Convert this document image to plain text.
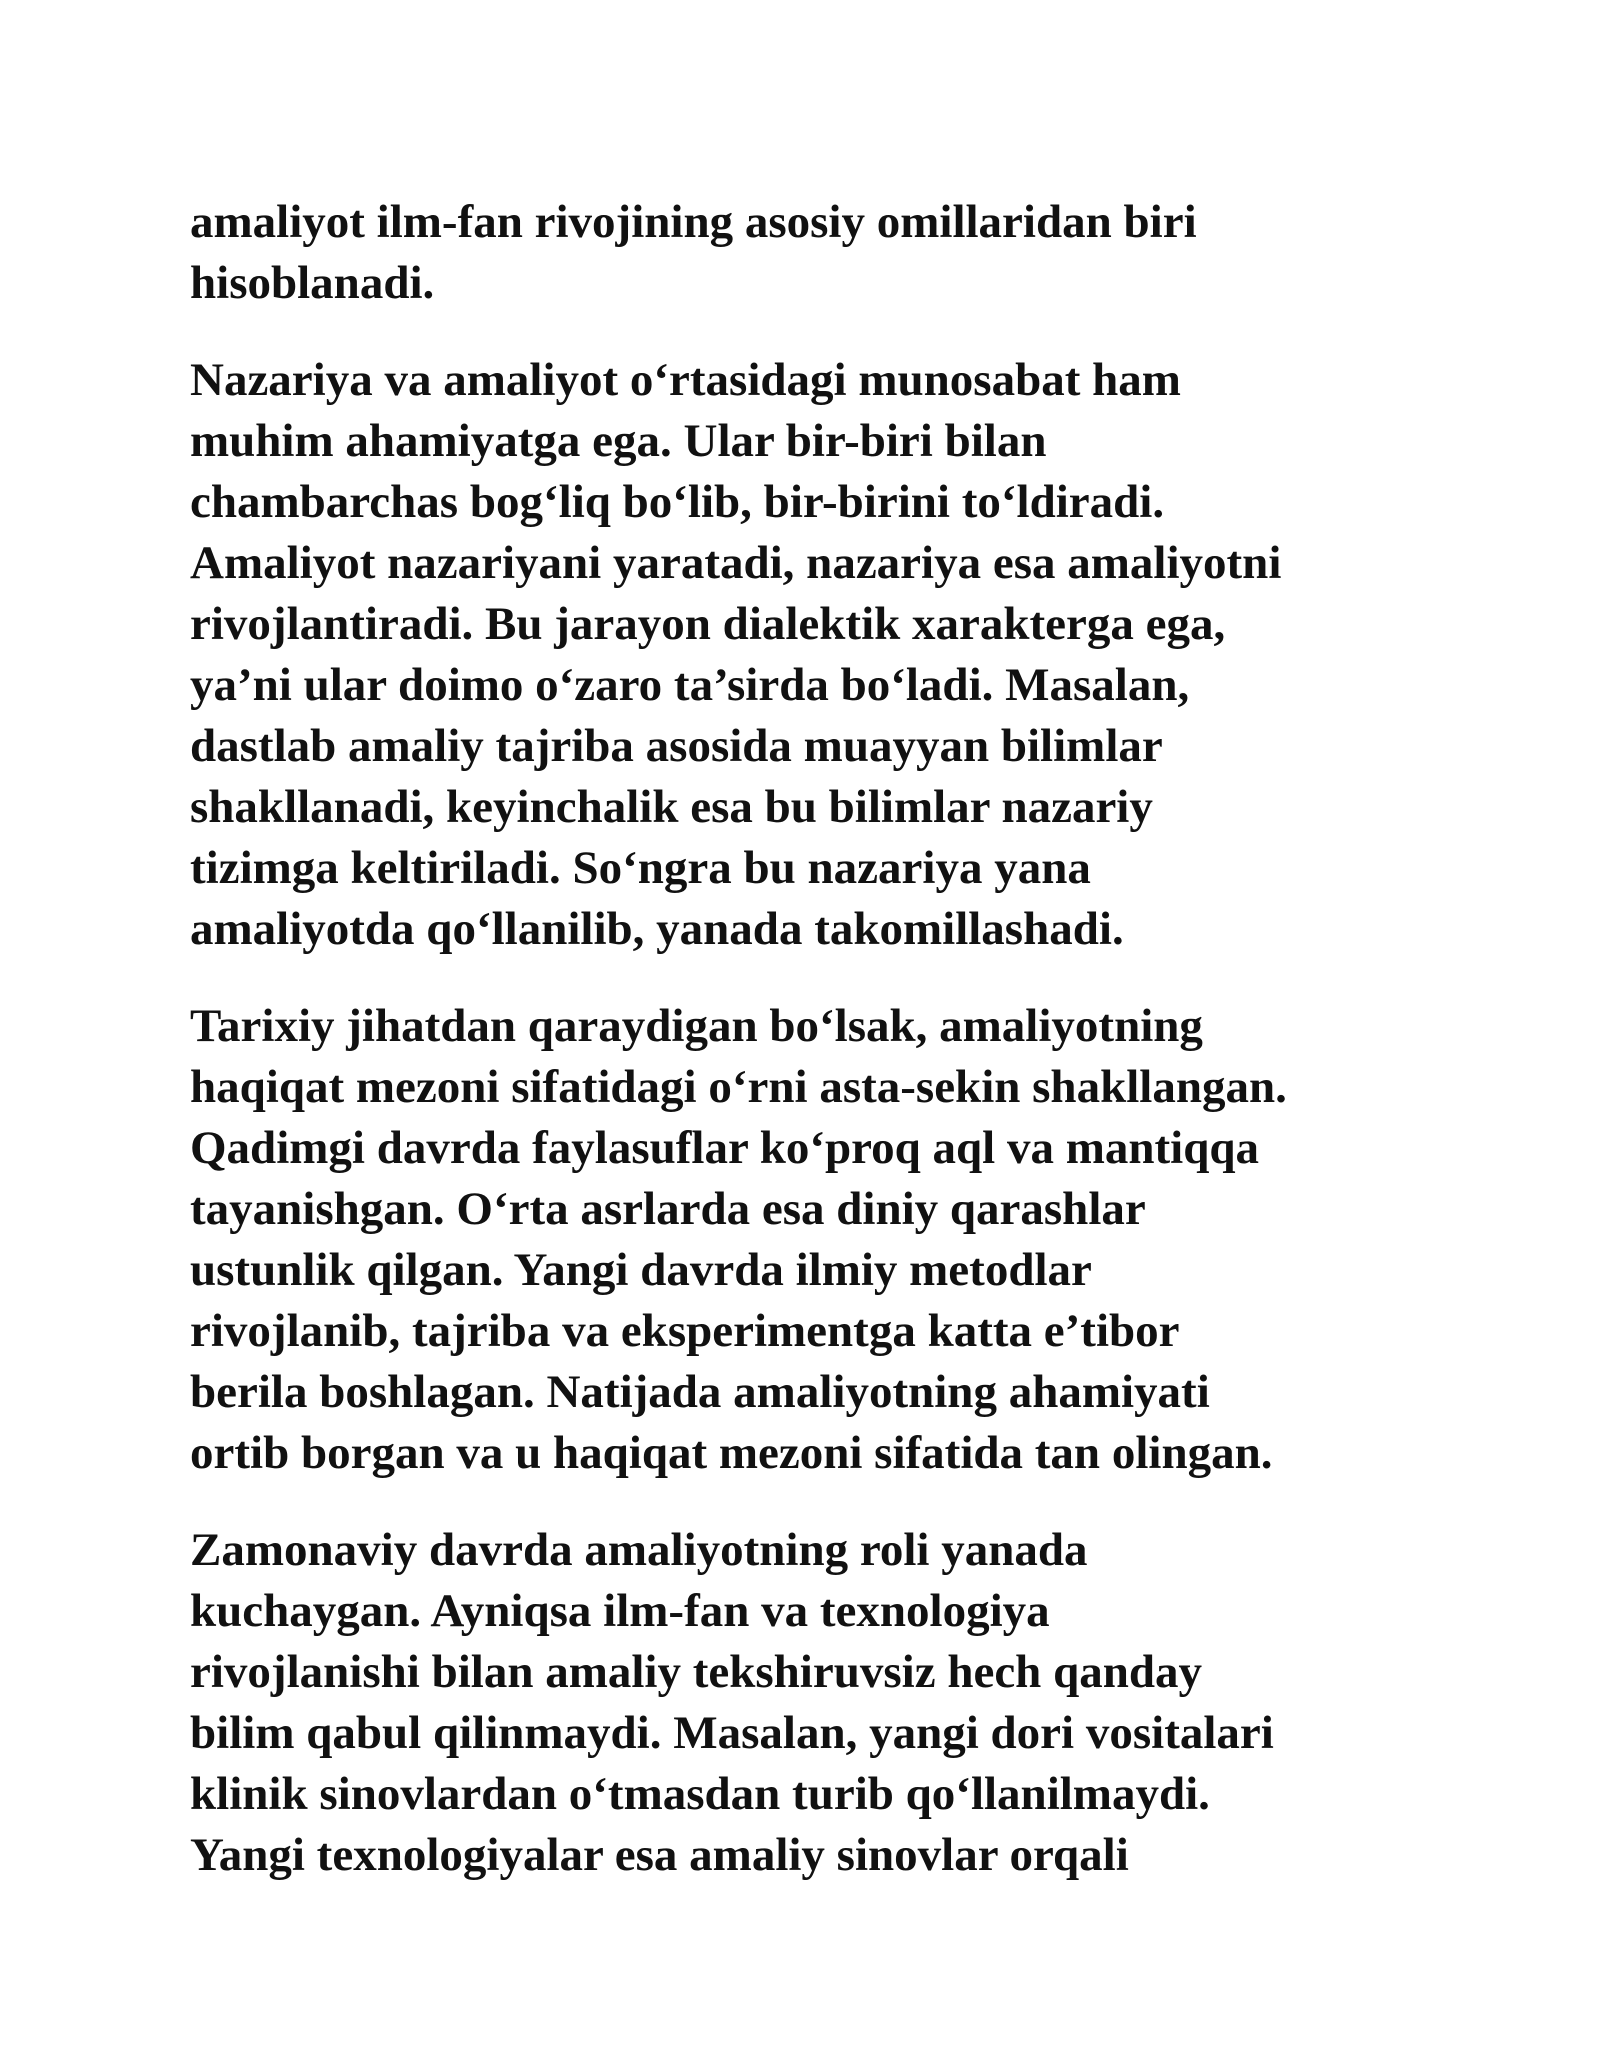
amaliyot ilm-fan rivojining asosiy omillaridan biri
hisoblanadi.

Nazariya va amaliyot o‘rtasidagi munosabat ham
muhim ahamiyatga ega. Ular bir-biri bilan
chambarchas bog‘liq bo‘lib, bir-birini to‘ldiradi.
Amaliyot nazariyani yaratadi, nazariya esa amaliyotni
rivojlantiradi. Bu jarayon dialektik xarakterga ega,
ya’ni ular doimo o‘zaro ta’sirda bo‘ladi. Masalan,
dastlab amaliy tajriba asosida muayyan bilimlar
shakllanadi, keyinchalik esa bu bilimlar nazariy
tizimga keltiriladi. So‘ngra bu nazariya yana
amaliyotda qo‘llanilib, yanada takomillashadi.

Tarixiy jihatdan qaraydigan bo‘lsak, amaliyotning
haqiqat mezoni sifatidagi o‘rni asta-sekin shakllangan.
Qadimgi davrda faylasuflar ko‘proq aql va mantiqqa
tayanishgan. O‘rta asrlarda esa diniy qarashlar
ustunlik qilgan. Yangi davrda ilmiy metodlar
rivojlanib, tajriba va eksperimentga katta e’tibor
berila boshlagan. Natijada amaliyotning ahamiyati
ortib borgan va u haqiqat mezoni sifatida tan olingan.

Zamonaviy davrda amaliyotning roli yanada
kuchaygan. Ayniqsa ilm-fan va texnologiya
rivojlanishi bilan amaliy tekshiruvsiz hech qanday
bilim qabul qilinmaydi. Masalan, yangi dori vositalari
klinik sinovlardan o‘tmasdan turib qo‘llanilmaydi.
Yangi texnologiyalar esa amaliy sinovlar orqali
